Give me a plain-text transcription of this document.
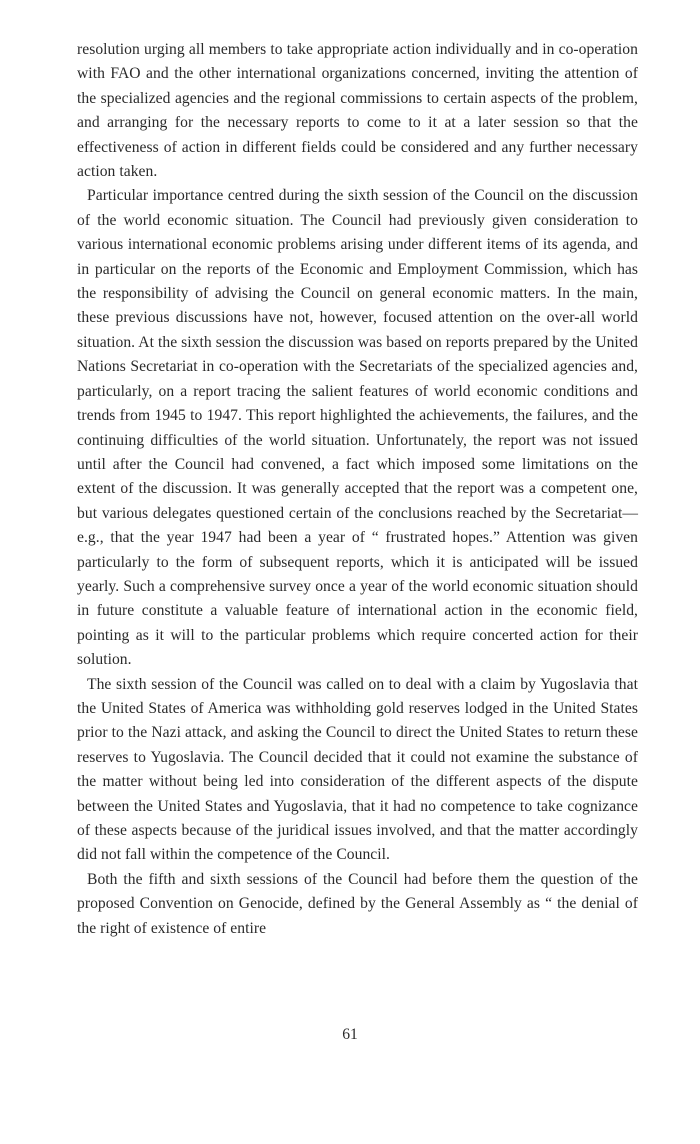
resolution urging all members to take appropriate action individually and in co-operation with FAO and the other international organizations concerned, inviting the attention of the specialized agencies and the regional commissions to certain aspects of the problem, and arranging for the necessary reports to come to it at a later session so that the effectiveness of action in different fields could be considered and any further necessary action taken.

Particular importance centred during the sixth session of the Council on the discussion of the world economic situation. The Council had previously given consideration to various international economic problems arising under different items of its agenda, and in particular on the reports of the Economic and Employment Commission, which has the responsibility of advising the Council on general economic matters. In the main, these previous discussions have not, however, focused attention on the over-all world situation. At the sixth session the discussion was based on reports prepared by the United Nations Secretariat in co-operation with the Secretariats of the specialized agencies and, particularly, on a report tracing the salient features of world economic conditions and trends from 1945 to 1947. This report highlighted the achievements, the failures, and the continuing difficulties of the world situation. Unfortunately, the report was not issued until after the Council had convened, a fact which imposed some limitations on the extent of the discussion. It was generally accepted that the report was a competent one, but various delegates questioned certain of the conclusions reached by the Secretariat—e.g., that the year 1947 had been a year of “ frustrated hopes.” Attention was given particularly to the form of subsequent reports, which it is anticipated will be issued yearly. Such a comprehensive survey once a year of the world economic situation should in future constitute a valuable feature of international action in the economic field, pointing as it will to the particular problems which require concerted action for their solution.

The sixth session of the Council was called on to deal with a claim by Yugoslavia that the United States of America was withholding gold reserves lodged in the United States prior to the Nazi attack, and asking the Council to direct the United States to return these reserves to Yugoslavia. The Council decided that it could not examine the substance of the matter without being led into consideration of the different aspects of the dispute between the United States and Yugoslavia, that it had no competence to take cognizance of these aspects because of the juridical issues involved, and that the matter accordingly did not fall within the competence of the Council.

Both the fifth and sixth sessions of the Council had before them the question of the proposed Convention on Genocide, defined by the General Assembly as “ the denial of the right of existence of entire

61
